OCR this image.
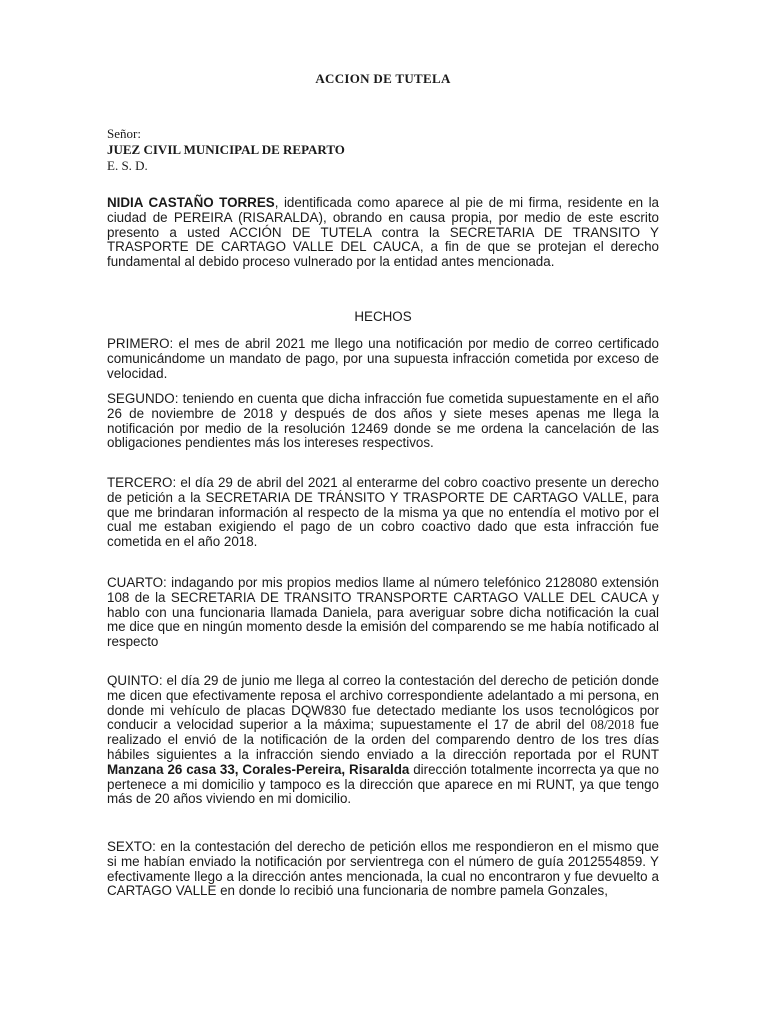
ACCION DE TUTELA
Señor:
JUEZ CIVIL MUNICIPAL DE REPARTO
E. S. D.
NIDIA CASTAÑO TORRES, identificada como aparece al pie de mi firma, residente en la ciudad de PEREIRA (RISARALDA), obrando en causa propia, por medio de este escrito presento a usted ACCIÓN DE TUTELA contra la SECRETARIA DE TRANSITO Y TRASPORTE DE CARTAGO VALLE DEL CAUCA, a fin de que se protejan el derecho fundamental al debido proceso vulnerado por la entidad antes mencionada.
HECHOS
PRIMERO: el mes de abril 2021 me llego una notificación por medio de correo certificado comunicándome un mandato de pago, por una supuesta infracción cometida por exceso de velocidad.
SEGUNDO: teniendo en cuenta que dicha infracción fue cometida supuestamente en el año 26 de noviembre de 2018 y después de dos años y siete meses apenas me llega la notificación por medio de la resolución 12469 donde se me ordena la cancelación de las obligaciones pendientes más los intereses respectivos.
TERCERO: el día 29 de abril del 2021 al enterarme del cobro coactivo presente un derecho de petición a la SECRETARIA DE TRÁNSITO Y TRASPORTE DE CARTAGO VALLE, para que me brindaran información al respecto de la misma ya que no entendía el motivo por el cual me estaban exigiendo el pago de un cobro coactivo dado que esta infracción fue cometida en el año 2018.
CUARTO: indagando por mis propios medios llame al número telefónico 2128080 extensión 108 de la SECRETARIA DE TRANSITO TRANSPORTE CARTAGO VALLE DEL CAUCA y hablo con una funcionaria llamada Daniela, para averiguar sobre dicha notificación la cual me dice que en ningún momento desde la emisión del comparendo se me había notificado al respecto
QUINTO: el día 29 de junio me llega al correo la contestación del derecho de petición donde me dicen que efectivamente reposa el archivo correspondiente adelantado a mi persona, en donde mi vehículo de placas DQW830 fue detectado mediante los usos tecnológicos por conducir a velocidad superior a la máxima; supuestamente el 17 de abril del 08/2018 fue realizado el envió de la notificación de la orden del comparendo dentro de los tres días hábiles siguientes a la infracción siendo enviado a la dirección reportada por el RUNT Manzana 26 casa 33, Corales-Pereira, Risaralda dirección totalmente incorrecta ya que no pertenece a mi domicilio y tampoco es la dirección que aparece en mi RUNT, ya que tengo más de 20 años viviendo en mi domicilio.
SEXTO: en la contestación del derecho de petición ellos me respondieron en el mismo que si me habían enviado la notificación por servientrega con el número de guía 2012554859. Y efectivamente llego a la dirección antes mencionada, la cual no encontraron y fue devuelto a CARTAGO VALLE en donde lo recibió una funcionaria de nombre pamela Gonzales,
